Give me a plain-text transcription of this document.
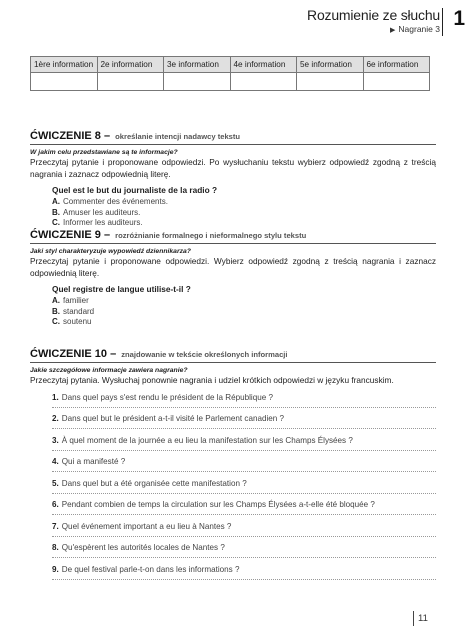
Rozumienie ze słuchu
▶ Nagranie 3 1
1ère information	2e information	3e information	4e information	5e information	6e information

ĆWICZENIE 8 – określanie intencji nadawcy tekstu
W jakim celu przedstawiane są te informacje?
Przeczytaj pytanie i proponowane odpowiedzi. Po wysłuchaniu tekstu wybierz odpowiedź zgodną z treścią nagrania i zaznacz odpowiednią literę.
Quel est le but du journaliste de la radio ?
A. Commenter des événements.
B. Amuser les auditeurs.
C. Informer les auditeurs.
ĆWICZENIE 9 – rozróżnianie formalnego i nieformalnego stylu tekstu
Jaki styl charakteryzuje wypowiedź dziennikarza?
Przeczytaj pytanie i proponowane odpowiedzi. Wybierz odpowiedź zgodną z treścią nagrania i zaznacz odpowiednią literę.
Quel registre de langue utilise-t-il ?
A. familier
B. standard
C. soutenu
ĆWICZENIE 10 – znajdowanie w tekście określonych informacji
Jakie szczegółowe informacje zawiera nagranie?
Przeczytaj pytania. Wysłuchaj ponownie nagrania i udziel krótkich odpowiedzi w języku francuskim.
1. Dans quel pays s'est rendu le président de la République ?
2. Dans quel but le président a-t-il visité le Parlement canadien ?
3. À quel moment de la journée a eu lieu la manifestation sur les Champs Élysées ?
4. Qui a manifesté ?
5. Dans quel but a été organisée cette manifestation ?
6. Pendant combien de temps la circulation sur les Champs Élysées a-t-elle été bloquée ?
7. Quel événement important a eu lieu à Nantes ?
8. Qu'espèrent les autorités locales de Nantes ?
9. De quel festival parle-t-on dans les informations ?
11
